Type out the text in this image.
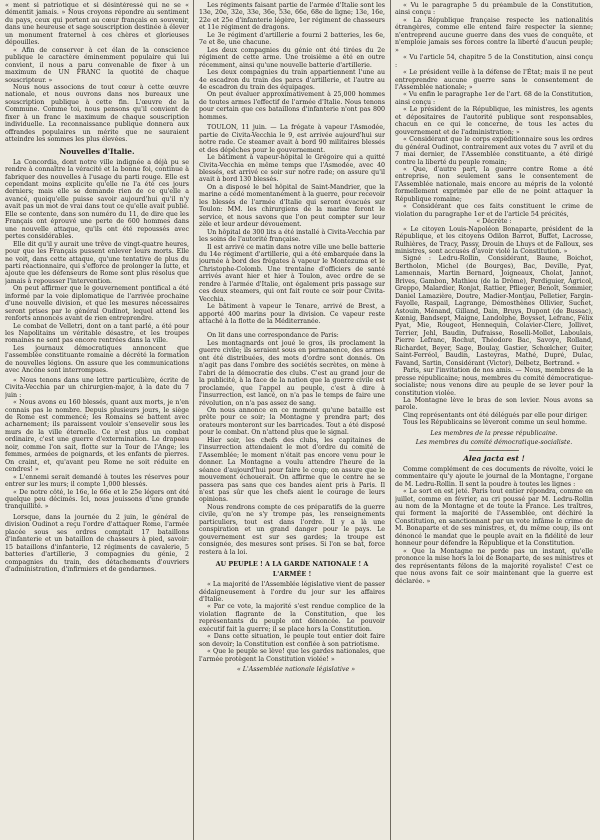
« ment si patriotique et si désintéressé qui ne se « démentit jamais. » Nous croyons répondre au sentiment du pays, ceux qui portent au cœur français en souvenir, dans une heureuse et sage souscription destinée à élever un monument fraternel à ces chères et glorieuses dépouilles.

« Afin de conserver à cet élan de la conscience publique le caractère éminemment populaire qui lui convient, il nous a paru convenable de fixer à un maximum de UN FRANC la quotité de chaque souscripteur. »

Nous nous associons de tout cœur à cette œuvre nationale, et nous ouvrons dans nos bureaux une souscription publique à cette fin. L'œuvre de la Commune. Comme toi, nous pensons qu'il convient de fixer à un franc le maximum de chaque souscription individuelle. La reconnaissance publique donnera aux offrandes populaires un mérite que ne sauraient atteindre les sommes les plus élevées.

Nouvelles d'Italie.

La Concordia, dont notre ville indignée a déjà pu se rendre à connaître la véracité et la bonne foi, continue à fabriquer des nouvelles à l'usage du parti rouge. Elle est cependant moins explicite qu'elle ne l'a été ces jours derniers; mais elle se demande rien de ce qu'elle a avancé, quoiqu'elle puisse savoir aujourd'hui qu'il n'y avait pas un mot de vrai dans tout ce qu'elle avait publié. Elle se contente, dans son numéro du 11, de dire que les Français ont éprouvé une perte de 600 hommes dans une nouvelle attaque, qu'ils ont été repoussés avec pertes considérables.

Elle dit qu'il y aurait une trêve de vingt-quatre heures, pour que les Français pussent enlever leurs morts. Elle ne voit, dans cette attaque, qu'une tentative de plus du parti réactionnaire, qui s'efforce de prolonger la lutte, et ajoute que les défenseurs de Rome sont plus résolus que jamais à repousser l'intervention.

On peut affirmer que le gouvernement pontifical a été informé par la voie diplomatique de l'arrivée prochaine d'une nouvelle division, et que les mesures nécessaires seront prises par le général Oudinot, lequel attend les renforts annoncés avant de rien entreprendre.

Le combat de Velletri, dont on a tant parlé, a été pour les Napolitains un véritable désastre, et les troupes romaines ne sont pas encore rentrées dans la ville.

Les journaux démocratiques annoncent que l'assemblée constituante romaine a décrété la formation de nouvelles légions. On assure que les communications avec Ancône sont interrompues.

« Nous tenons dans une lettre particulière, écrite de Civita-Vecchia par un chirurgien-major, à la date du 7 juin :

« Nous avons eu 160 blessés, quant aux morts, je n'en connais pas le nombre. Depuis plusieurs jours, le siège de Rome est commencé; les Romains se battent avec acharnement; ils paraissent vouloir s'ensevelir sous les murs de la ville éternelle. Ce n'est plus un combat ordinaire, c'est une guerre d'extermination. Le drapeau noir, comme l'on sait, flotte sur la Tour de l'Ange; les femmes, armées de poignards, et les enfants de pierres. On craint, et, qu'avant peu Rome ne soit réduite en cendres! »

« L'ennemi serait demandé à toutes les réserves pour entrer sur les murs; il compte 1,000 blessés.

« De notre côté, le 16e, le 66e et le 25e légers ont été quelque peu décimés. Ici, nous jouissons d'une grande tranquillité. »

Lorsque, dans la journée du 2 juin, le général de division Oudinot a reçu l'ordre d'attaquer Rome, l'armée placée sous ses ordres comptait 17 bataillons d'infanterie et un bataillon de chasseurs à pied, savoir: 15 bataillons d'infanterie, 12 régiments de cavalerie, 5 batteries d'artillerie, 3 compagnies du génie, 2 compagnies du train, des détachements d'ouvriers d'administration, d'infirmiers et de gendarmes.

Les régiments faisant partie de l'armée d'Italie sont les 13e, 20e, 32e, 33e, 36e, 53e, 66e, 68e de ligne; 13e, 16e, 22e et 25e d'infanterie légère, 1er régiment de chasseurs et 11e régiment de dragons.

Le 3e régiment d'artillerie a fourni 2 batteries, les 6e, 7e et 8e, une chacune.

Les deux compagnies du génie ont été tirées du 2e régiment de cette arme. Une troisième a été en outre récemment, ainsi qu'une nouvelle batterie d'artillerie.

Les deux compagnies du train appartiennent l'une au 4e escadron du train des parcs d'artillerie, et l'autre au 4e escadron du train des équipages.

On peut évaluer approximativement à 25,000 hommes de toutes armes l'effectif de l'armée d'Italie. Nous tenons pour certain que ces bataillons d'infanterie n'ont pas 800 hommes.

TOULON, 11 juin. — La frégate à vapeur l'Asmodée, partie de Civita-Vecchia le 9, est arrivée aujourd'hui sur notre rade. Ce steamer avait à bord 90 militaires blessés et des dépêches pour le gouvernement.

Le bâtiment à vapeur-hôpital le Grégoire qui a quitté Civita-Vecchia en même temps que l'Asmodée, avec 40 blessés, est arrivé ce soir sur notre rade; on assure qu'il avait à bord 130 blessés.

On a disposé le bel hôpital de Saint-Mandrier, que la marine a cédé momentanément à la guerre, pour recevoir les blessés de l'armée d'Italie qui seront évacués sur Toulon: MM. les chirurgiens de la marine feront le service, et nous savons que l'on peut compter sur leur zèle et leur ardeur dévouement.

Un hôpital de 300 lits a été installé à Civita-Vecchia par les soins de l'autorité française.

Il est arrivé ce matin dans notre ville une belle batterie du 14e régiment d'artillerie, qui a été embarquée dans la journée à bord des frégates à vapeur le Montezuma et le Christophe-Colomb. Une trentaine d'officiers de santé arrivés avant hier et hier à Toulon, avec ordre de se rendre à l'armée d'Italie, ont également pris passage sur ces deux steamers, qui ont fait route ce soir pour Civita-Vecchia.

Le bâtiment à vapeur le Tenare, arrivé de Brest, a apporté 400 marins pour la division. Ce vapeur reste attaché à la flotte de la Méditerranée.

On lit dans une correspondance de Paris:

Les montagnards ont joué le gros, ils proclament la guerre civile; ils seraient sous en permanence, des armes ont été distribuées, des mots d'ordre sont donnés. On n'agit pas dans l'ombre des sociétés secrètes, on mène à l'abri de la démocratie des clubs. C'est au grand jour de la publicité, à la face de la nation que la guerre civile est proclamée, que l'appel au peuple, c'est à dire à l'insurrection, est lancé, on n'a pas le temps de faire une révolution, on n'a pas assez de sang.

On nous annonce en ce moment qu'une bataille est prête pour ce soir; la Montagne y prendra part; des orateurs monteront sur les barricades. Tout a été disposé pour le combat. On n'attend plus que le signal.

Hier soir, les chefs des clubs, les capitaines de l'insurrection attendaient le mot d'ordre du comité de l'Assemblée; le moment n'était pas encore venu pour le donner. La Montagne a voulu attendre l'heure de la séance d'aujourd'hui pour faire le coup; on assure que le mouvement échouerait. On affirme que le centre ne se passera pas sans que ces bandes aient pris à Paris. Il n'est pas sûr que les chefs aient le courage de leurs opinions.

Nous rendrons compte de ces préparatifs de la guerre civile, qu'on ne s'y trompe pas, les renseignements particuliers, tout est dans l'ordre. Il y a là une conspiration et un grand danger pour le pays. Le gouvernement est sur ses gardes; la troupe est consignée, des mesures sont prises. Si l'on se bat, force restera à la loi.

AU PEUPLE ! A LA GARDE NATIONALE ! A L'ARMÉE !

« La majorité de l'Assemblée législative vient de passer dédaigneusement à l'ordre du jour sur les affaires d'Italie.

« Par ce vote, la majorité s'est rendue complice de la violation flagrante de la Constitution, que les représentants du peuple ont dénoncée. Le pouvoir exécutif fait la guerre; il se place hors la Constitution.

« Dans cette situation, le peuple tout entier doit faire son devoir; la Constitution est confiée à son patriotisme.

« Que le peuple se lève! que les gardes nationales, que l'armée protègent la Constitution violée! »

« L'Assemblée nationale législative »

« Vu le paragraphe 5 du préambule de la Constitution, ainsi conçu :

« La République française respecte les nationalités étrangères, comme elle entend faire respecter la sienne; n'entreprend aucune guerre dans des vues de conquête, et n'emploie jamais ses forces contre la liberté d'aucun peuple; »

« Vu l'article 54, chapitre 5 de la Constitution, ainsi conçu :

« Le président veille à la défense de l'État; mais il ne peut entreprendre aucune guerre sans le consentement de l'Assemblée nationale; »

« Vu enfin le paragraphe 1er de l'art. 68 de la Constitution, ainsi conçu :

« Le président de la République, les ministres, les agents et dépositaires de l'autorité publique sont responsables, chacun en ce qui le concerne, de tous les actes du gouvernement et de l'administration; »

« Considérant que le corps expéditionnaire sous les ordres du général Oudinot, contrairement aux votes du 7 avril et du 7 mai dernier, de l'Assemblée constituante, a été dirigé contre la liberté du peuple romain;

« Que, d'autre part, la guerre contre Rome a été entreprise, non seulement sans le consentement de l'Assemblée nationale, mais encore au mépris de la volonté formellement exprimée par elle de ne point attaquer la République romaine;

« Considérant que ces faits constituent le crime de violation du paragraphe 1er et de l'article 54 précités,

« Décrète :

« Le citoyen Louis-Napoléon Bonaparte, président de la République, et les citoyens Odilon Barrot, Buffet, Lacrosse, Rulhières, de Tracy, Passy, Drouin de Lhuys et de Falloux, ses ministres, sont accusés d'avoir violé la Constitution. »

Signé : Ledru-Rollin, Considérant, Baune, Boichot, Bertholon, Michel (de Bourges), Bac, Deville, Pyat, Lamennais, Martin Bernard, Joigneaux, Cholat, Jannot, Brives, Gambon, Mathieu (de la Drôme), Perdiguier, Agricol, Greppo, Malardier, Ronjat, Rattier, Pflieger, Benoît, Sommier, Daniel Lamazière, Doutre, Madier-Montjau, Pelletier, Fargin-Fayolle, Raspail, Lagrange, Démosthènes Ollivier, Suchet, Astouin, Ménand, Gilland, Dain, Bruys, Dupont (de Bussac), Kœnig, Bandsept, Maigne, Landolphe, Boysset, Lefranc, Félix Pyat, Mie, Rougeot, Hennequin, Colavier-Clerc, Jollivet, Terrier, Jehl, Baudin, Dufraisse, Roselli-Mollet, Laboulais, Pierre Lefranc, Rochut, Théodore Bac, Savoye, Rolland, Richardet, Beyer, Sage, Boulay, Gastier, Schœlcher, Guiter, Saint-Ferréol, Baudin, Lasteyras, Mathé, Dupré, Dulac, Favand, Sartin, Considérant (Victor), Delbetz, Bertrand. »

Paris, sur l'invitation de nos amis. — Nous, membres de la presse républicaine; nous, membres du comité démocratique-socialiste; nous venons dire au peuple de se lever pour la constitution violée.

La Montagne lève le bras de son levier. Nous avons sa parole.

Cinq représentants ont été délégués par elle pour diriger.

Tous les Républicains se lèveront comme un seul homme.

Les membres de la presse républicaine.
Les membres du comité démocratique-socialiste.
Alea jacta est !

Comme complément de ces documents de révolte, voici le commentaire qu'y ajoute le journal de la Montagne, l'organe de M. Ledru-Rollin. Il sent la poudre à toutes les lignes :

« Le sort en est jeté. Paris tout entier répondra, comme en juillet, comme en février, au cri poussé par M. Ledru-Rollin au nom de la Montagne et de toute la France. Les traîtres, qui forment la majorité de l'Assemblée, ont déchiré la Constitution, en sanctionnant par un vote infâme le crime de M. Bonaparte et de ses ministres, et, du même coup, ils ont dénoncé le mandat que le peuple avait en la fidélité de leur honneur pour défendre la République et la Constitution.

« Que la Montagne ne perde pas un instant, qu'elle prononce la mise hors la loi de Bonaparte, de ses ministres et des représentants félons de la majorité royaliste! C'est ce que nous avons fait ce soir maintenant que la guerre est déclarée. »
